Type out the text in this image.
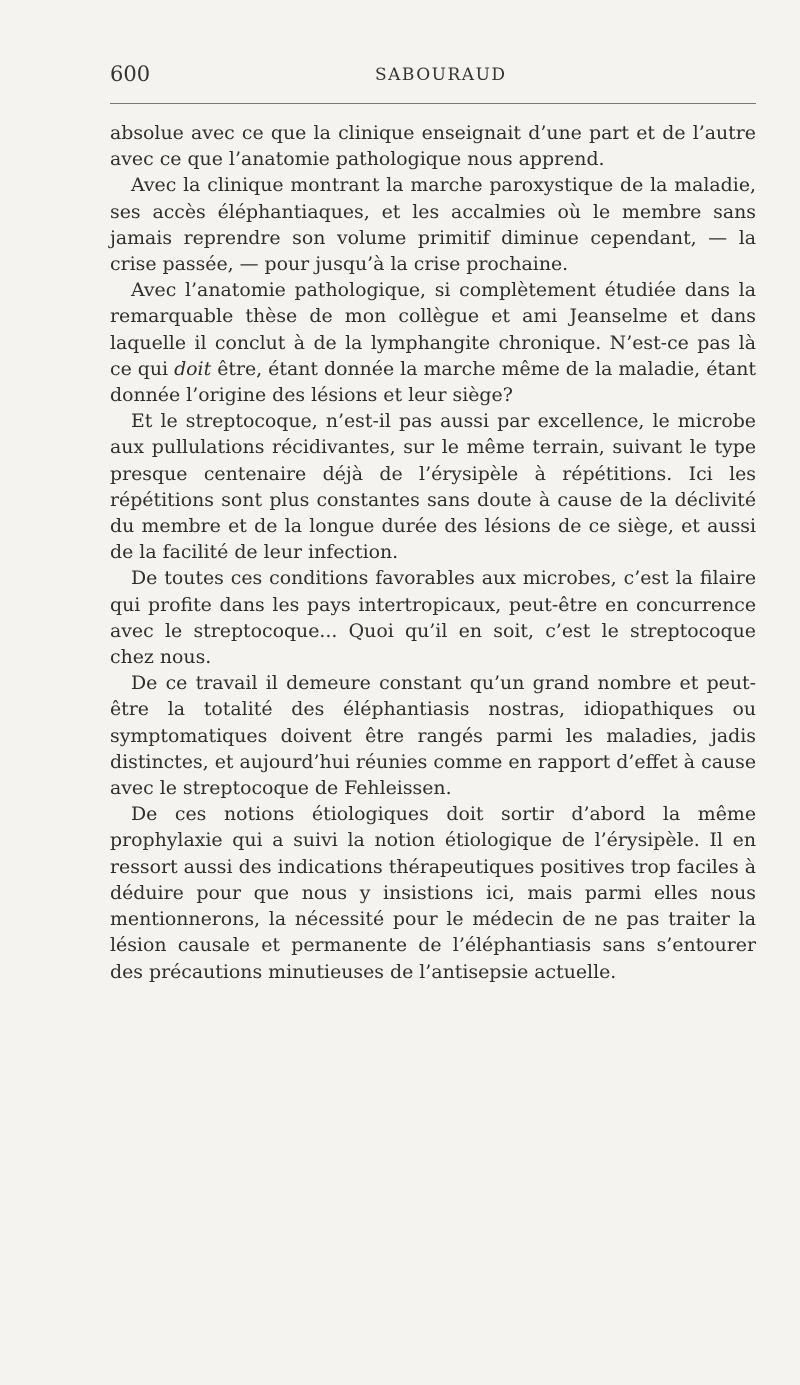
600	SABOURAUD

absolue avec ce que la clinique enseignait d’une part et de l’autre avec ce que l’anatomie pathologique nous apprend.

Avec la clinique montrant la marche paroxystique de la maladie, ses accès éléphantiaques, et les accalmies où le membre sans jamais reprendre son volume primitif diminue cependant, — la crise passée, — pour jusqu’à la crise prochaine.

Avec l’anatomie pathologique, si complètement étudiée dans la remarquable thèse de mon collègue et ami Jeanselme et dans laquelle il conclut à de la lymphangite chronique. N’est-ce pas là ce qui doit être, étant donnée la marche même de la maladie, étant donnée l’origine des lésions et leur siège?

Et le streptocoque, n’est-il pas aussi par excellence, le microbe aux pullulations récidivantes, sur le même terrain, suivant le type presque centenaire déjà de l’érysipèle à répétitions. Ici les répétitions sont plus constantes sans doute à cause de la déclivité du membre et de la longue durée des lésions de ce siège, et aussi de la facilité de leur infection.

De toutes ces conditions favorables aux microbes, c’est la filaire qui profite dans les pays intertropicaux, peut-être en concurrence avec le streptocoque... Quoi qu’il en soit, c’est le streptocoque chez nous.

De ce travail il demeure constant qu’un grand nombre et peut-être la totalité des éléphantiasis nostras, idiopathiques ou symptomatiques doivent être rangés parmi les maladies, jadis distinctes, et aujourd’hui réunies comme en rapport d’effet à cause avec le streptocoque de Fehleissen.

De ces notions étiologiques doit sortir d’abord la même prophylaxie qui a suivi la notion étiologique de l’érysipèle. Il en ressort aussi des indications thérapeutiques positives trop faciles à déduire pour que nous y insistions ici, mais parmi elles nous mentionnerons, la nécessité pour le médecin de ne pas traiter la lésion causale et permanente de l’éléphantiasis sans s’entourer des précautions minutieuses de l’antisepsie actuelle.
